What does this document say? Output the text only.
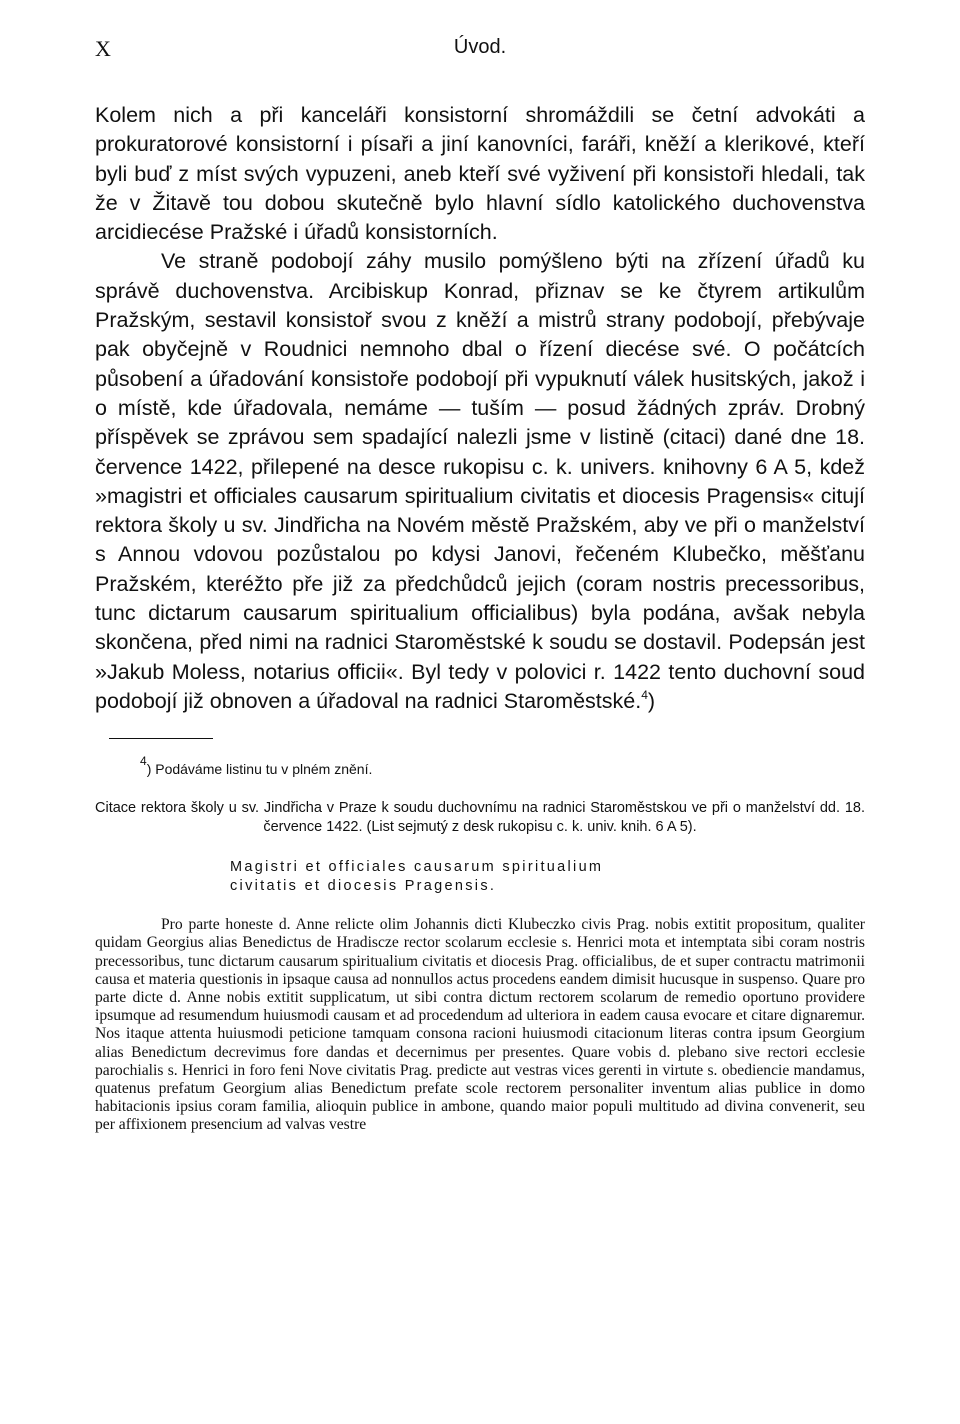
X	Úvod.

Kolem nich a při kanceláři konsistorní shromáždili se četní advokáti a prokuratorové konsistorní i písaři a jiní kanovníci, faráři, kněží a klerikové, kteří byli buď z míst svých vypuzeni, aneb kteří své vyživení při konsistoři hledali, tak že v Žitavě tou dobou skutečně bylo hlavní sídlo katolického duchovenstva arcidiecése Pražské i úřadů konsistorních.

Ve straně podobojí záhy musilo pomýšleno býti na zřízení úřadů ku správě duchovenstva. Arcibiskup Konrad, přiznav se ke čtyrem artikulům Pražským, sestavil konsistoř svou z kněží a mistrů strany podobojí, přebývaje pak obyčejně v Roudnici nemnoho dbal o řízení diecése své. O počátcích působení a úřadování konsistoře podobojí při vypuknutí válek husitských, jakož i o místě, kde úřadovala, nemáme — tuším — posud žádných zpráv. Drobný příspěvek se zprávou sem spadající nalezli jsme v listině (citaci) dané dne 18. července 1422, přilepené na desce rukopisu c. k. univers. knihovny 6 A 5, kdež »magistri et officiales causarum spiritualium civitatis et diocesis Pragensis« citují rektora školy u sv. Jindřicha na Novém městě Pražském, aby ve při o manželství s Annou vdovou pozůstalou po kdysi Janovi, řečeném Klubečko, měšťanu Pražském, kteréžto pře již za předchůdců jejich (coram nostris precessoribus, tunc dictarum causarum spiritualium officialibus) byla podána, avšak nebyla skončena, před nimi na radnici Staroměstské k soudu se dostavil. Podepsán jest »Jakub Moless, notarius officii«. Byl tedy v polovici r. 1422 tento duchovní soud podobojí již obnoven a úřadoval na radnici Staroměstské.$^4$)

$^4$) Podáváme listinu tu v plném znění.
Citace rektora školy u sv. Jindřicha v Praze k soudu duchovnímu na radnici Staroměstskou ve při o manželství dd. 18. července 1422. (List sejmutý z desk rukopisu c. k. univ. knih. 6 A 5).
Magistri et officiales causarum spiritualium
civitatis et diocesis Pragensis.
Pro parte honeste d. Anne relicte olim Johannis dicti Klubeczko civis Prag. nobis extitit propositum, qualiter quidam Georgius alias Benedictus de Hradiscze rector scolarum ecclesie s. Henrici mota et intemptata sibi coram nostris precessoribus, tunc dictarum causarum spiritualium civitatis et diocesis Prag. officialibus, de et super contractu matrimonii causa et materia questionis in ipsaque causa ad nonnullos actus procedens eandem dimisit hucusque in suspenso. Quare pro parte dicte d. Anne nobis extitit supplicatum, ut sibi contra dictum rectorem scolarum de remedio oportuno providere ipsumque ad resumendum huiusmodi causam et ad procedendum ad ulteriora in eadem causa evocare et citare dignaremur. Nos itaque attenta huiusmodi peticione tamquam consona racioni huiusmodi citacionum literas contra ipsum Georgium alias Benedictum decrevimus fore dandas et decernimus per presentes. Quare vobis d. plebano sive rectori ecclesie parochialis s. Henrici in foro feni Nove civitatis Prag. predicte aut vestras vices gerenti in virtute s. obediencie mandamus, quatenus prefatum Georgium alias Benedictum prefate scole rectorem personaliter inventum alias publice in domo habitacionis ipsius coram familia, alioquin publice in ambone, quando maior populi multitudo ad divina convenerit, seu per affixionem presencium ad valvas vestre
